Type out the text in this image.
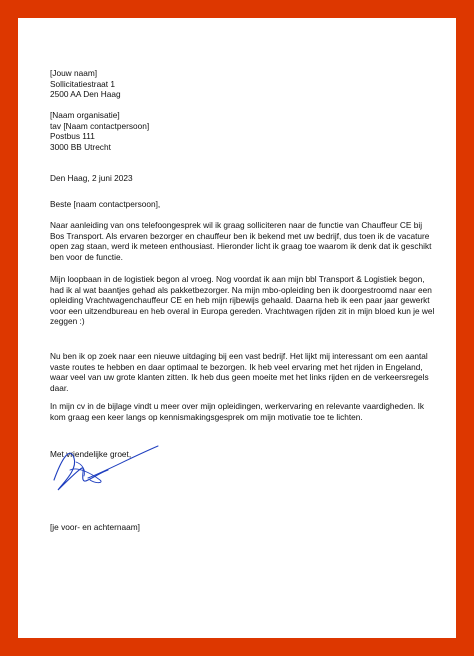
[Jouw naam]
Sollicitatiestraat 1
2500 AA Den Haag
[Naam organisatie]
tav [Naam contactpersoon]
Postbus 111
3000 BB Utrecht
Den Haag, 2 juni 2023
Beste [naam contactpersoon],

Naar aanleiding van ons telefoongesprek wil ik graag solliciteren naar de functie van Chauffeur CE bij Bos Transport. Als ervaren bezorger en chauffeur ben ik bekend met uw bedrijf, dus toen ik de vacature open zag staan, werd ik meteen enthousiast. Hieronder licht ik graag toe waarom ik denk dat ik geschikt ben voor de functie.

Mijn loopbaan in de logistiek begon al vroeg. Nog voordat ik aan mijn bbl Transport & Logistiek begon, had ik al wat baantjes gehad als pakketbezorger. Na mijn mbo-opleiding ben ik doorgestroomd naar een opleiding Vrachtwagenchauffeur CE en heb mijn rijbewijs gehaald. Daarna heb ik een paar jaar gewerkt voor een uitzendbureau en heb overal in Europa gereden. Vrachtwagen rijden zit in mijn bloed kun je wel zeggen :)

Nu ben ik op zoek naar een nieuwe uitdaging bij een vast bedrijf. Het lijkt mij interessant om een aantal vaste routes te hebben en daar optimaal te bezorgen. Ik heb veel ervaring met het rijden in Engeland, waar veel van uw grote klanten zitten. Ik heb dus geen moeite met het links rijden en de verkeersregels daar.

In mijn cv in de bijlage vindt u meer over mijn opleidingen, werkervaring en relevante vaardigheden. Ik kom graag een keer langs op kennismakingsgesprek om mijn motivatie toe te lichten.

Met vriendelijke groet,
[je voor- en achternaam]
